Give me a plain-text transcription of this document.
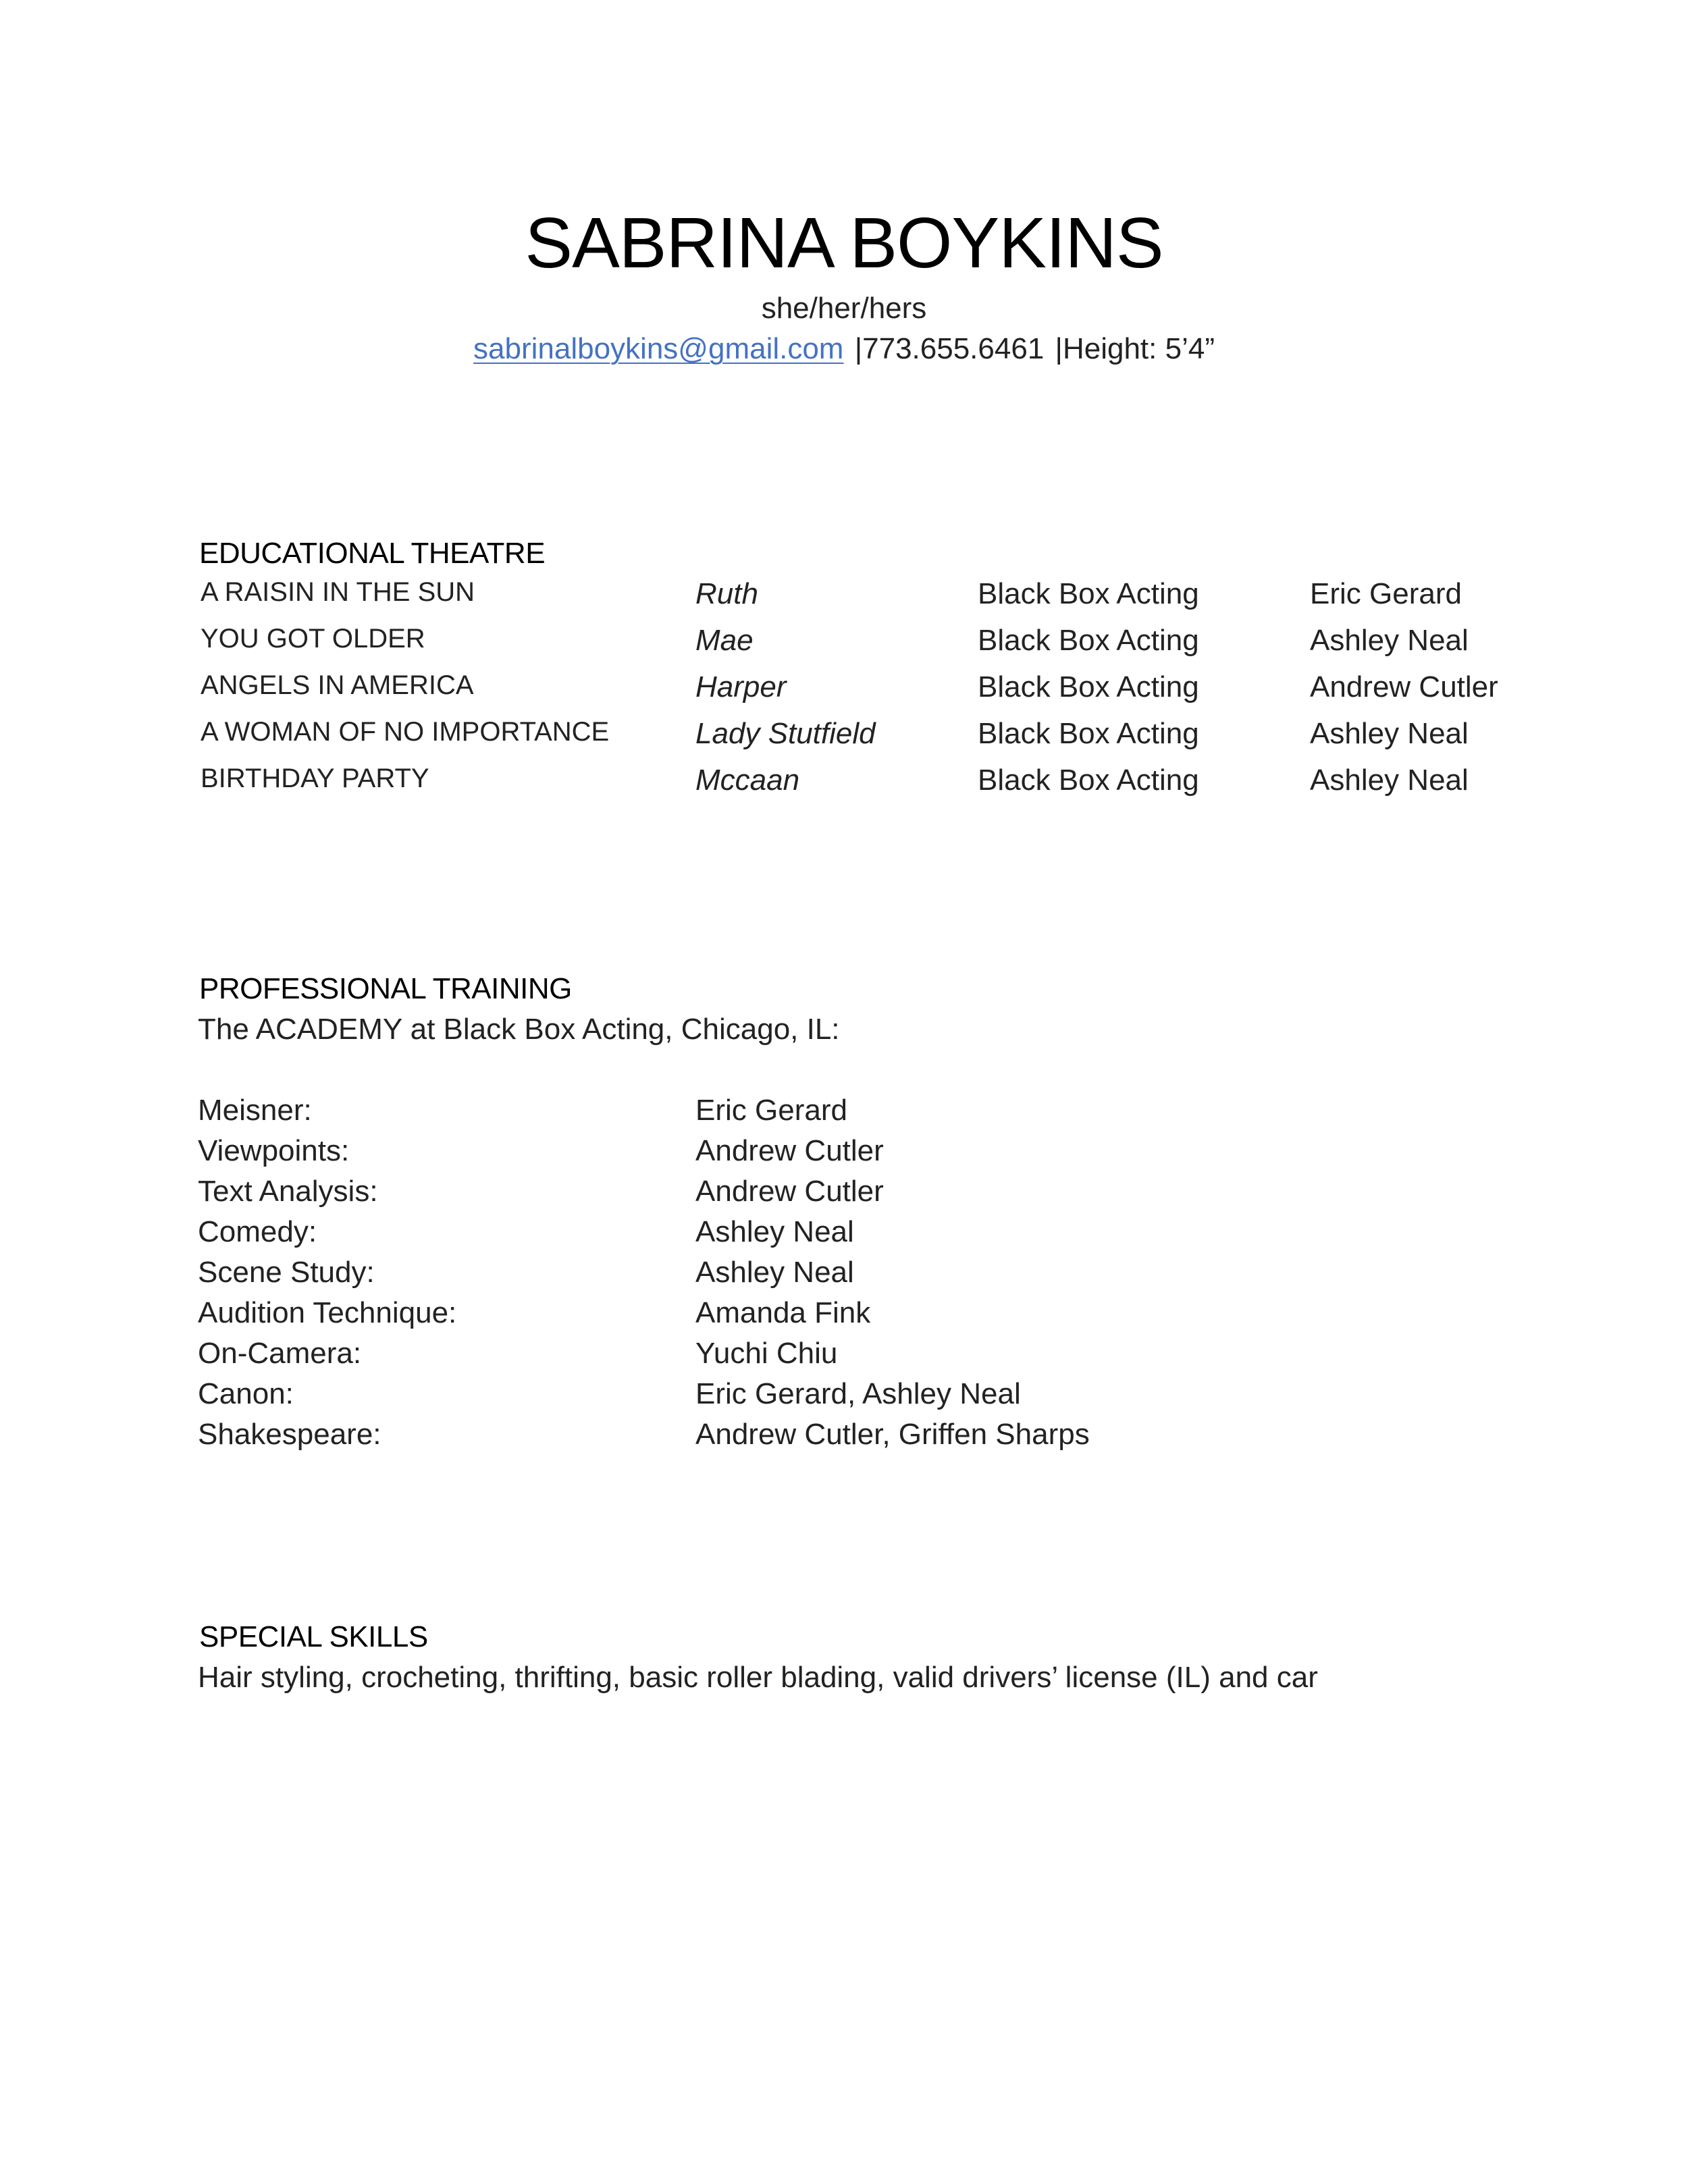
SABRINA BOYKINS
she/her/hers
sabrinalboykins@gmail.com |773.655.6461 |Height: 5’4”
EDUCATIONAL THEATRE
A RAISIN IN THE SUN	Ruth	Black Box Acting	Eric Gerard
YOU GOT OLDER	Mae	Black Box Acting	Ashley Neal
ANGELS IN AMERICA	Harper	Black Box Acting	Andrew Cutler
A WOMAN OF NO IMPORTANCE	Lady Stutfield	Black Box Acting	Ashley Neal
BIRTHDAY PARTY	Mccaan	Black Box Acting	Ashley Neal
PROFESSIONAL TRAINING
The ACADEMY at Black Box Acting, Chicago, IL:
Meisner:	Eric Gerard
Viewpoints:	Andrew Cutler
Text Analysis:	Andrew Cutler
Comedy:	Ashley Neal
Scene Study:	Ashley Neal
Audition Technique:	Amanda Fink
On-Camera:	Yuchi Chiu
Canon:	Eric Gerard, Ashley Neal
Shakespeare:	Andrew Cutler, Griffen Sharps
SPECIAL SKILLS
Hair styling, crocheting, thrifting, basic roller blading, valid drivers’ license (IL) and car
